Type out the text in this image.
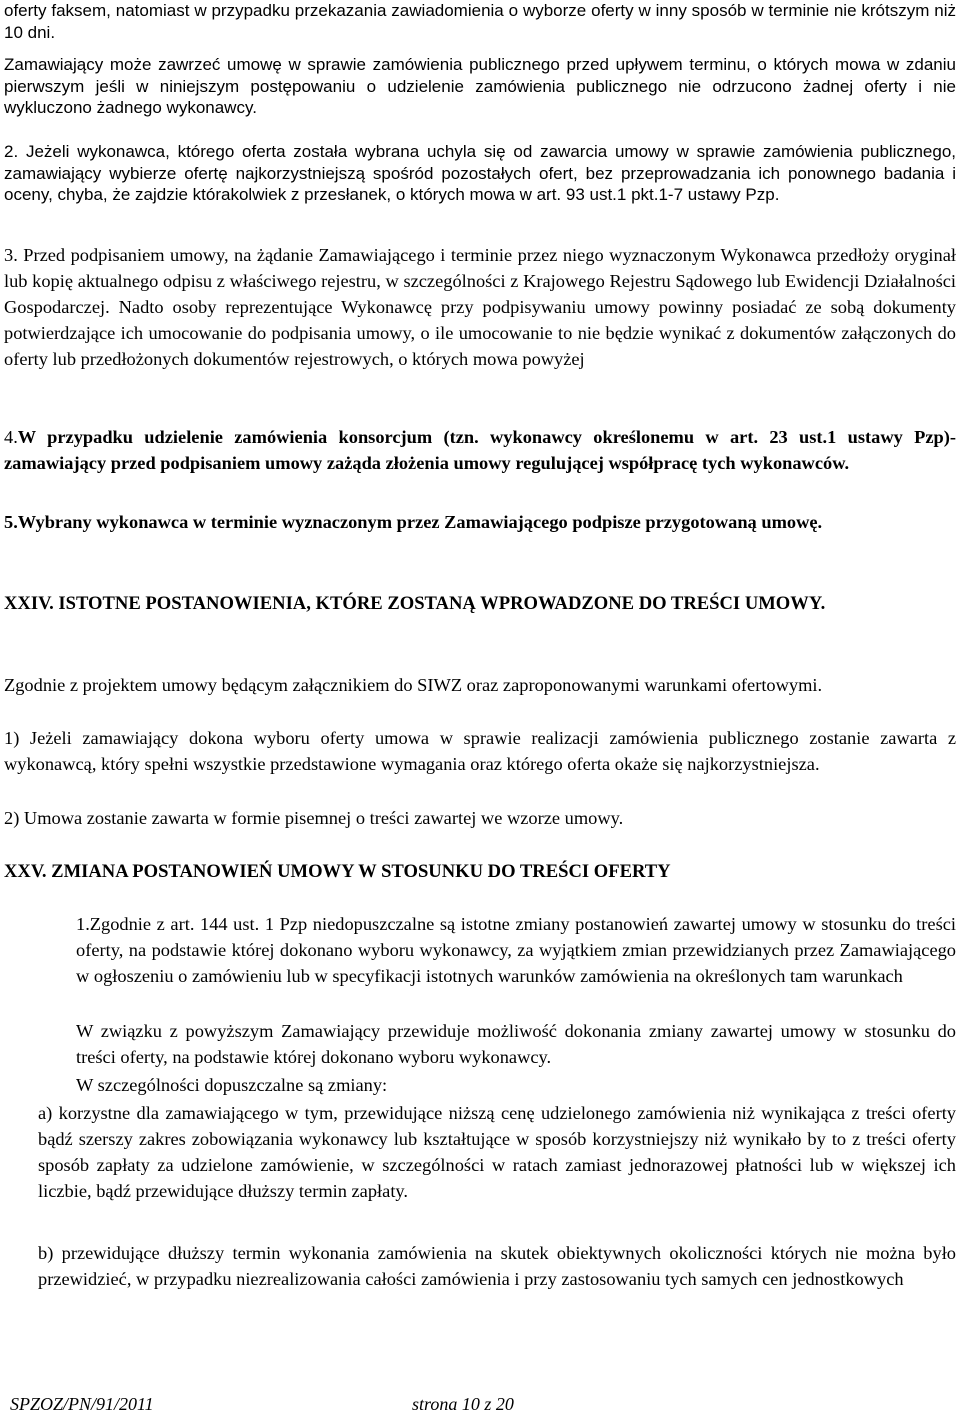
oferty faksem, natomiast w przypadku przekazania zawiadomienia o wyborze oferty w inny sposób w terminie nie krótszym niż 10 dni.

Zamawiający może zawrzeć umowę w sprawie zamówienia publicznego przed upływem terminu, o których mowa w zdaniu pierwszym jeśli w niniejszym postępowaniu o udzielenie zamówienia publicznego nie odrzucono żadnej oferty i nie wykluczono żadnego wykonawcy.

2. Jeżeli wykonawca, którego oferta została wybrana uchyla się od zawarcia umowy w sprawie zamówienia publicznego, zamawiający wybierze ofertę najkorzystniejszą spośród pozostałych ofert, bez przeprowadzania ich ponownego badania i oceny, chyba, że zajdzie którakolwiek z przesłanek, o których mowa w art. 93 ust.1 pkt.1-7 ustawy Pzp.

3. Przed podpisaniem umowy, na żądanie Zamawiającego i terminie przez niego wyznaczonym Wykonawca przedłoży oryginał lub kopię aktualnego odpisu z właściwego rejestru, w szczególności z Krajowego Rejestru Sądowego lub Ewidencji Działalności Gospodarczej. Nadto osoby reprezentujące Wykonawcę przy podpisywaniu umowy powinny posiadać ze sobą dokumenty potwierdzające ich umocowanie do podpisania umowy, o ile umocowanie to nie będzie wynikać z dokumentów załączonych do oferty lub przedłożonych dokumentów rejestrowych, o których mowa powyżej

4.W przypadku udzielenie zamówienia konsorcjum (tzn. wykonawcy określonemu w art. 23 ust.1 ustawy Pzp)- zamawiający przed podpisaniem umowy zażąda złożenia umowy regulującej współpracę tych wykonawców.

5.Wybrany wykonawca w terminie wyznaczonym przez Zamawiającego podpisze przygotowaną umowę.

XXIV. ISTOTNE POSTANOWIENIA, KTÓRE ZOSTANĄ WPROWADZONE DO TREŚCI UMOWY.

Zgodnie z projektem umowy będącym załącznikiem do SIWZ oraz zaproponowanymi warunkami ofertowymi.

1) Jeżeli zamawiający dokona wyboru oferty umowa w sprawie realizacji zamówienia publicznego zostanie zawarta z wykonawcą, który spełni wszystkie przedstawione wymagania oraz którego oferta okaże się najkorzystniejsza.

2) Umowa zostanie zawarta w formie pisemnej o treści zawartej we wzorze umowy.

XXV. ZMIANA POSTANOWIEŃ UMOWY W STOSUNKU DO TREŚCI OFERTY

1.Zgodnie z art. 144 ust. 1 Pzp niedopuszczalne są istotne zmiany postanowień zawartej umowy w stosunku do treści oferty, na podstawie której dokonano wyboru wykonawcy, za wyjątkiem zmian przewidzianych przez Zamawiającego w ogłoszeniu o zamówieniu lub w specyfikacji istotnych warunków zamówienia na określonych tam warunkach

W związku z powyższym Zamawiający przewiduje możliwość dokonania zmiany zawartej umowy w stosunku do treści oferty, na podstawie której dokonano wyboru wykonawcy.

W szczególności dopuszczalne są zmiany:

a) korzystne dla zamawiającego w tym, przewidujące niższą cenę udzielonego zamówienia niż wynikająca z treści oferty bądź szerszy zakres zobowiązania wykonawcy lub kształtujące w sposób korzystniejszy niż wynikało by to z treści oferty sposób zapłaty za udzielone zamówienie, w szczególności w ratach zamiast jednorazowej płatności lub w większej ich liczbie, bądź przewidujące dłuższy termin zapłaty.

b) przewidujące dłuższy termin wykonania zamówienia na skutek obiektywnych okoliczności których nie można było przewidzieć, w przypadku niezrealizowania całości zamówienia i przy zastosowaniu tych samych cen jednostkowych

SPZOZ/PN/91/2011	strona 10 z 20
